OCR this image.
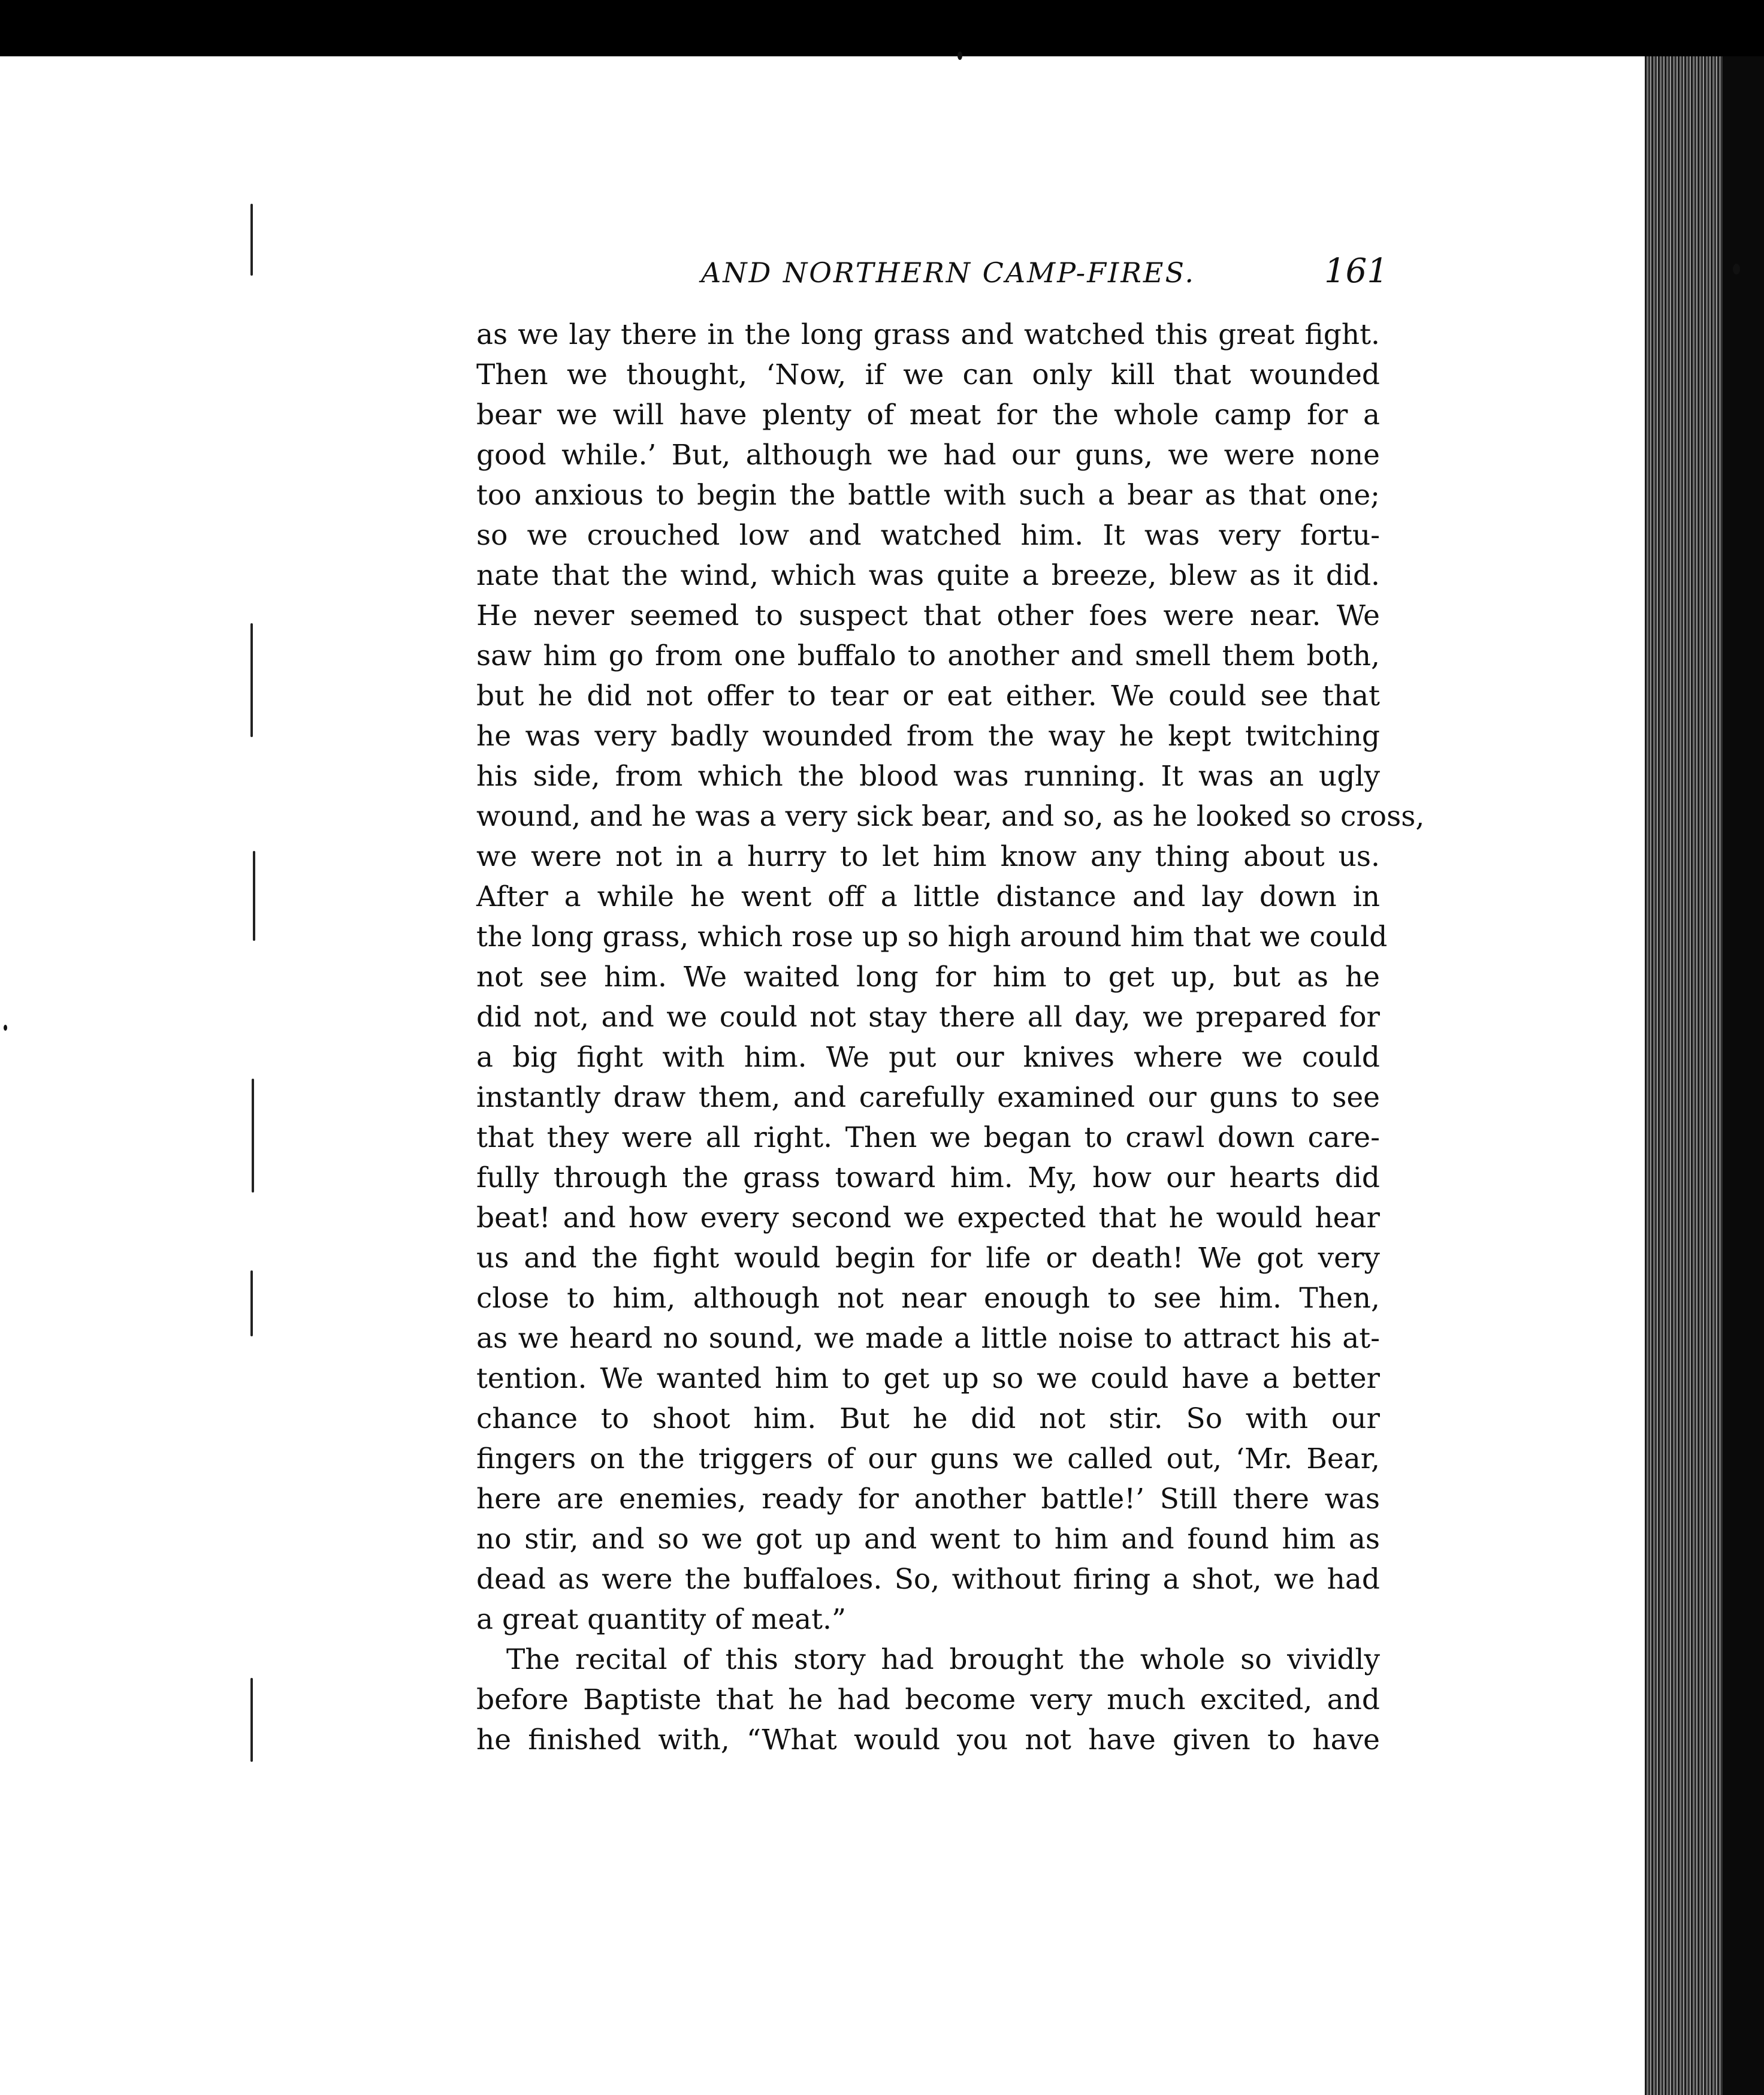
AND NORTHERN CAMP-FIRES.	161
as we lay there in the long grass and watched this great fight.
Then we thought, ‘Now, if we can only kill that wounded
bear we will have plenty of meat for the whole camp for a
good while.’ But, although we had our guns, we were none
too anxious to begin the battle with such a bear as that one;
so we crouched low and watched him. It was very fortu-
nate that the wind, which was quite a breeze, blew as it did.
He never seemed to suspect that other foes were near. We
saw him go from one buffalo to another and smell them both,
but he did not offer to tear or eat either. We could see that
he was very badly wounded from the way he kept twitching
his side, from which the blood was running. It was an ugly
wound, and he was a very sick bear, and so, as he looked so cross,
we were not in a hurry to let him know any thing about us.
After a while he went off a little distance and lay down in
the long grass, which rose up so high around him that we could
not see him. We waited long for him to get up, but as he
did not, and we could not stay there all day, we prepared for
a big fight with him. We put our knives where we could
instantly draw them, and carefully examined our guns to see
that they were all right. Then we began to crawl down care-
fully through the grass toward him. My, how our hearts did
beat! and how every second we expected that he would hear
us and the fight would begin for life or death! We got very
close to him, although not near enough to see him. Then,
as we heard no sound, we made a little noise to attract his at-
tention. We wanted him to get up so we could have a better
chance to shoot him. But he did not stir. So with our
fingers on the triggers of our guns we called out, ‘Mr. Bear,
here are enemies, ready for another battle!’ Still there was
no stir, and so we got up and went to him and found him as
dead as were the buffaloes. So, without firing a shot, we had
a great quantity of meat.”
The recital of this story had brought the whole so vividly
before Baptiste that he had become very much excited, and
he finished with, “What would you not have given to have
